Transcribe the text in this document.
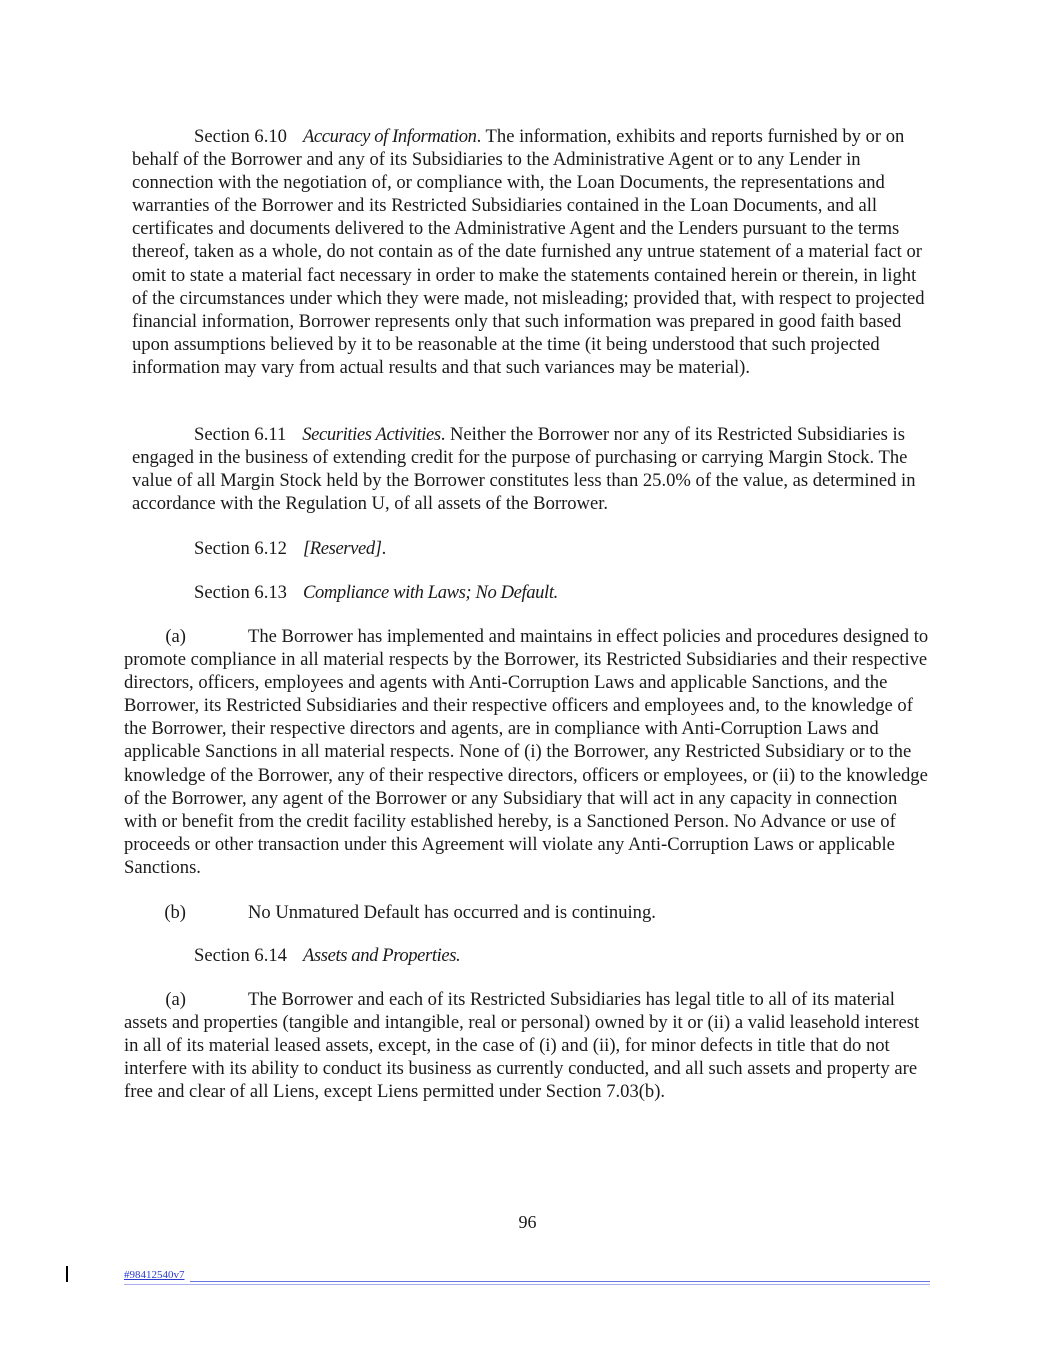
Section 6.10 Accuracy of Information. The information, exhibits and reports furnished by or on behalf of the Borrower and any of its Subsidiaries to the Administrative Agent or to any Lender in connection with the negotiation of, or compliance with, the Loan Documents, the representations and warranties of the Borrower and its Restricted Subsidiaries contained in the Loan Documents, and all certificates and documents delivered to the Administrative Agent and the Lenders pursuant to the terms thereof, taken as a whole, do not contain as of the date furnished any untrue statement of a material fact or omit to state a material fact necessary in order to make the statements contained herein or therein, in light of the circumstances under which they were made, not misleading; provided that, with respect to projected financial information, Borrower represents only that such information was prepared in good faith based upon assumptions believed by it to be reasonable at the time (it being understood that such projected information may vary from actual results and that such variances may be material).

Section 6.11 Securities Activities. Neither the Borrower nor any of its Restricted Subsidiaries is engaged in the business of extending credit for the purpose of purchasing or carrying Margin Stock. The value of all Margin Stock held by the Borrower constitutes less than 25.0% of the value, as determined in accordance with the Regulation U, of all assets of the Borrower.

Section 6.12 [Reserved].

Section 6.13 Compliance with Laws; No Default.

(a)	The Borrower has implemented and maintains in effect policies and procedures designed to promote compliance in all material respects by the Borrower, its Restricted Subsidiaries and their respective directors, officers, employees and agents with Anti-Corruption Laws and applicable Sanctions, and the Borrower, its Restricted Subsidiaries and their respective officers and employees and, to the knowledge of the Borrower, their respective directors and agents, are in compliance with Anti-Corruption Laws and applicable Sanctions in all material respects. None of (i) the Borrower, any Restricted Subsidiary or to the knowledge of the Borrower, any of their respective directors, officers or employees, or (ii) to the knowledge of the Borrower, any agent of the Borrower or any Subsidiary that will act in any capacity in connection with or benefit from the credit facility established hereby, is a Sanctioned Person. No Advance or use of proceeds or other transaction under this Agreement will violate any Anti-Corruption Laws or applicable Sanctions.

(b)	No Unmatured Default has occurred and is continuing.

Section 6.14 Assets and Properties.

(a)	The Borrower and each of its Restricted Subsidiaries has legal title to all of its material assets and properties (tangible and intangible, real or personal) owned by it or (ii) a valid leasehold interest in all of its material leased assets, except, in the case of (i) and (ii), for minor defects in title that do not interfere with its ability to conduct its business as currently conducted, and all such assets and property are free and clear of all Liens, except Liens permitted under Section 7.03(b).

96
#98412540v7
